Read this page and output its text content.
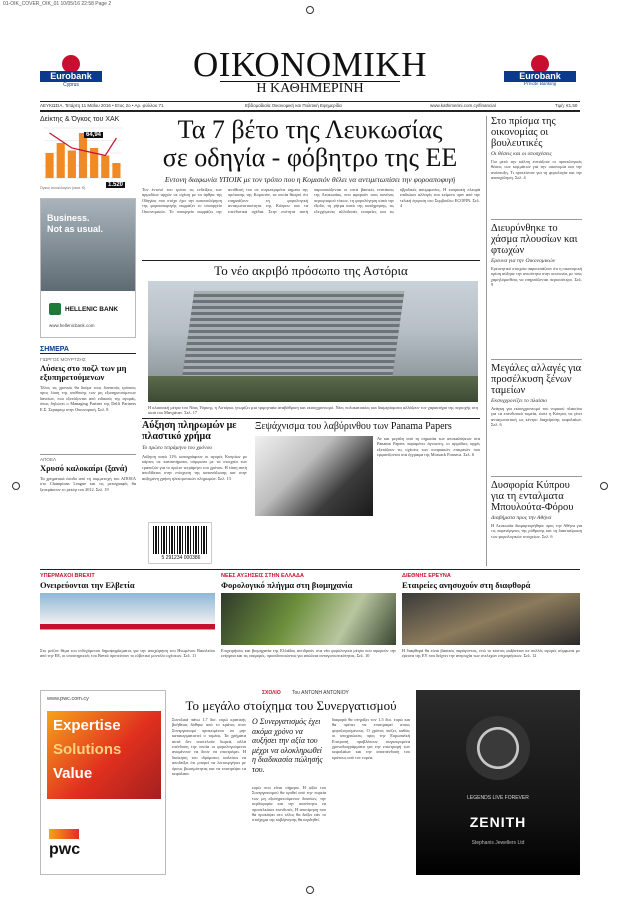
01-OIK_COVER_OIK_01 10/05/16 22:58 Page 2
Eurobank
Cyprus
ΟΙΚΟΝΟΜΙΚΗ
Η ΚΑΘΗΜΕΡΙΝΗ
Eurobank
Private Banking
ΛΕΥΚΩΣΙΑ, Τετάρτη 11 Μαΐου 2016 • Ετος 2ο • Αρ. φύλλου 71	Εβδομαδιαία Οικονομική και Πολιτική Εφημερίδα	www.kathimerini.com.cy/financial	Τιμή: €1,50
Δείκτης & Όγκος του ΧΑΚ
64,94
1.520
Όγκος συναλλαγών (εκατ. €)
Business.
Not as usual.
HELLENIC BANK
www.hellenicbank.com
ΣΗΜΕΡΑ
ΓΙΩΡΓΟΣ ΜΟΥΡΤΖΗΣ
Λύσεις στο ποζλ των μη εξυπηρετούμενων
Τέλος τις χρονιάς θα δούμε τους δυνατούς τρόπους προς λύση της υπόθεσης των μη εξυπηρετούμενων δανείων, που εξετάζονται από ειδικούς της αγοράς, όπως δηλώνει ο Managing Partner της Delfi Partners Ε.Σ. Σεραφειμ στην Οικονομική. Σελ. 8
ΑΠΟΕΛ
Χρυσό καλοκαίρι (ξανά)
Τα χρηματικά έσοδα από τη συμμετοχή του ΑΠΟΕΛ στο Champions League και τις μεταγραφές θα ξεπεράσουν το ρεκόρ του 2012. Σελ. 19
Τα 7 βέτο της Λευκωσίας
σε οδηγία - φόβητρο της ΕΕ
Εντονη διαφωνία ΥΠΟΙΚ με τον τρόπο που η Κομισιόν θέλει να αντιμετωπίσει την φοροαποφυγή
Τον έντονό του τρόπο τις ενδείξεις των αρμοδίων αρχών σε σχέση με τα άρθρα της Οδηγίας που στόχο έχει την καταπολέμηση της φοροαποφυγής εκφράζει το υπουργείο Οικονομικών. Το υπουργείο εκφράζει την αντίθεσή του σε συγκεκριμένα σημεία της πρότασης της Κομισιόν, τα οποία θεωρεί ότι επηρεάζουν τη φορολογική ανταγωνιστικότητα της Κύπρου και τα επενδυτικά σχέδια. Στην ενότητα αυτή παρουσιάζονται οι επτά βασικές ενστάσεις της Λευκωσίας, που αφορούν τους κανόνες περιορισμού τόκων, τη φορολόγηση κατά την έξοδο, τη ρήτρα κατά της κατάχρησης, τις ελεγχόμενες αλλοδαπές εταιρείες και τις υβριδικές ασυμφωνίες. Η κυπριακή πλευρά επιδιώκει αλλαγές στο κείμενο πριν από την τελική έγκριση στο Συμβούλιο ECOFIN. Σελ. 4
Το νέο ακριβό πρόσωπο της Αστόρια
Η κλασσική μέτρα του Νέας Υόρκης, η Αστόρια, γνωρίζει μια τριμηνιαία αναβάθμιση και εκσυγχρονισμό. Νέες πολυκατοικίες και διαμερίσματα αλλάζουν τον χαρακτήρα της περιοχής στη σκιά του Μανχάταν. Σελ. 17
Αύξηση πληρωμών με πλαστικό χρήμα
Το πρώτο τετράμηνο του χρόνου
Αύξηση κατά 11% καταγράφουν οι αγορές Κυπρίων με κάρτες σε καταστήματα, σύμφωνα με τα στοιχεία των τραπεζών για το πρώτο τετράμηνο του χρόνου. Η τάση αυτή αποδίδεται στην ενίσχυση της κατανάλωσης και στην αυξημένη χρήση ηλεκτρονικών πληρωμών. Σελ. 13
Ξεψάχνισμα του λαβύρινθου των Panama Papers
Αν και μεγάλη από τη σημασία των αποκαλύψεων στα Panama Papers παραμένει άγνωστη, οι αρμόδιες αρχές εξετάζουν τις σχέσεις των κυπριακών εταιρειών που εμφανίζονται στα έγγραφα της Mossack Fonseca. Σελ. 6
Στο πρίσμα της οικονομίας οι βουλευτικές
Οι θέσεις και οι υποσχέσεις
Για μετά την κάλπη εστιάζουν οι προεκλογικές θέσεις των κομμάτων για την οικονομία και την ανάπτυξη. Τι προτείνουν για τη φορολογία και την απασχόληση. Σελ. 4
Διευρύνθηκε το χάσμα πλουσίων και φτωχών
Ερευνα για την Οικονομικών
Ερευνητικό στοιχεία παρουσιάζουν ότι η οικονομική κρίση αύξησε την ανισότητα στην κοινωνία, με τους χαμηλόμισθους να επηρεάζονται περισσότερο. Σελ. 9
Μεγάλες αλλαγές για προσέλκυση ξένων ταμείων
Εκσυγχρονίζει το πλαίσιο
Ανάγκη για εκσυγχρονισμό του νομικού πλαισίου για τα επενδυτικά ταμεία, ώστε η Κύπρος να γίνει ανταγωνιστική ως κέντρο διαχείρισης κεφαλαίων. Σελ. 6
Δυσφορία Κύπρου για τη ενταλματα Μπουλούτα-Φόρου
Διαβήματα προς την Αθήνα
Η Λευκωσία διαμαρτυρήθηκε προς την Αθήνα για τις παρενέργειες της ρύθμισης και τη διασταύρωση των φορολογικών στοιχείων. Σελ. 6
5 291234 000386
ΥΠΕΡΜΑΧΟΙ BREXIT
Ονειρεύονται την Ελβετία
Στο μείζον θέμα του ενδεχόμενου δημοψηφίσματος για την αποχώρηση του Ηνωμένου Βασιλείου από την ΕΕ, οι υποστηρικτές του Brexit προτείνουν το ελβετικό μοντέλο σχέσεων. Σελ. 11
ΝΕΕΣ ΑΥΞΗΣΕΙΣ ΣΤΗΝ ΕΛΛΑΔΑ
Φορολογικό πλήγμα στη βιομηχανία
Επιχειρήσεις και βιομηχανία της Ελλάδας αντιδρούν στα νέα φορολογικά μέτρα που αφορούν την ενέργεια και τις εισφορές, προειδοποιώντας για απώλεια ανταγωνιστικότητας. Σελ. 10
ΔΙΕΘΝΗΣ ΕΡΕΥΝΑ
Εταιρείες ανησυχούν στη διαφθορά
Η διαφθορά θα είναι βασικός παράγοντας, ενώ το κόστος αυξάνεται σε πολλές αγορές σύμφωνα με έρευνα της EY που δείχνει την ανησυχία των στελεχών επιχειρήσεων. Σελ. 12
www.pwc.com.cy
Expertise
Solutions
Value
pwc
ΣΧΟΛΙΟ Του ΑΝΤΩΝΗ ΑΝΤΩΝΙΟΥ
Το μεγάλο στοίχημα του Συνεργατισμού
Συνολικά πάνω 1,7 δισ. ευρώ κρατικής βοήθειας δόθηκε από το κράτος στον Συνεργατισμό προκειμένου να μην κατακερματιστεί ο τομέας. Τα χρήματα αυτά δεν αποτελούν δωρεά, αλλά επένδυση την οποία οι φορολογούμενοι αναμένουν να δουν να επιστρέφει. Η διοίκηση του ιδρύματος καλείται να αποδείξει ότι μπορεί να λειτουργήσει με όρους βιωσιμότητας και να επιστρέψει τα κεφάλαια.
Ο Συνεργατισμός έχει ακόμα χρόνο να αυξήσει την αξία του μέχρι να ολοκληρωθεί η διαδικασία πώλησής του.
ευρώ που είναι σήμερα. Η αξία του Συνεργατισμού θα κριθεί από την πορεία των μη εξυπηρετούμενων δανείων, την κερδοφορία και την ικανότητα να προσελκύσει επενδυτές. Η αποτίμηση που θα προκύψει στο τέλος θα δείξει εάν το στοίχημα της κυβέρνησης θα κερδηθεί.
διαφορά θα στηρίξει τον 1,5 δισ. ευρώ και θα πρέπει να επιστραφεί στους φορολογούμενους. Ο χρόνος πιέζει, καθώς οι υποχρεώσεις προς την Ευρωπαϊκή Επιτροπή προβλέπουν συγκεκριμένα χρονοδιαγράμματα για την επιστροφή των κεφαλαίων και την αποεπένδυση του κράτους από τον τομέα.
LEGENDS LIVE FOREVER
ZENITH
Stephanis Jewellers Ltd
